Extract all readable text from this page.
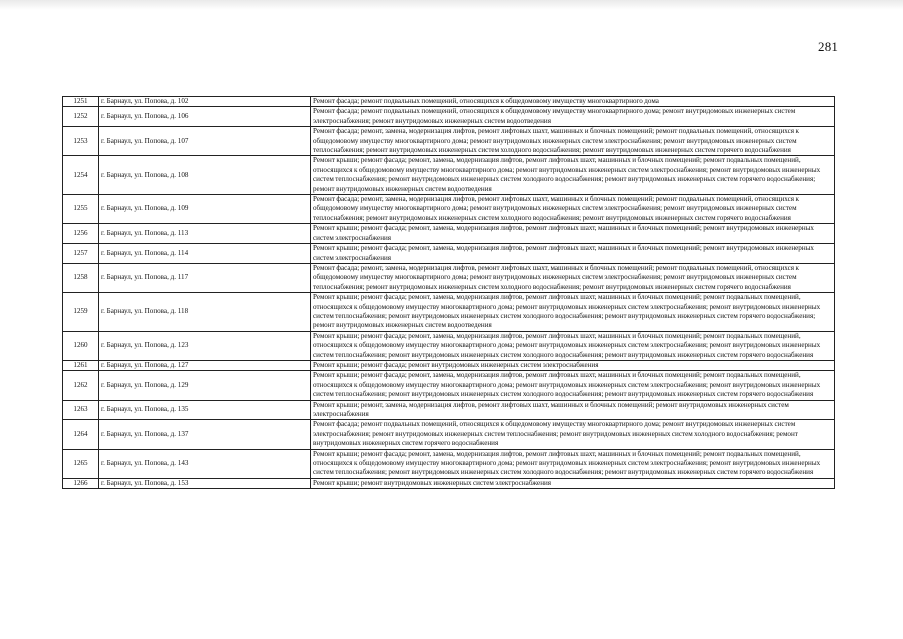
281
1251	г. Барнаул, ул. Попова, д. 102	Ремонт фасада; ремонт подвальных помещений, относящихся к общедомовому имуществу многоквартирного дома
1252	г. Барнаул, ул. Попова, д. 106	Ремонт фасада; ремонт подвальных помещений, относящихся к общедомовому имуществу многоквартирного дома; ремонт внутридомовых инженерных систем электроснабжения; ремонт внутридомовых инженерных систем водоотведения
1253	г. Барнаул, ул. Попова, д. 107	Ремонт фасада; ремонт, замена, модернизация лифтов, ремонт лифтовых шахт, машинных и блочных помещений; ремонт подвальных помещений, относящихся к общедомовому имуществу многоквартирного дома; ремонт внутридомовых инженерных систем электроснабжения; ремонт внутридомовых инженерных систем теплоснабжения; ремонт внутридомовых инженерных систем холодного водоснабжения; ремонт внутридомовых инженерных систем горячего водоснабжения
1254	г. Барнаул, ул. Попова, д. 108	Ремонт крыши; ремонт фасада; ремонт, замена, модернизация лифтов, ремонт лифтовых шахт, машинных и блочных помещений; ремонт подвальных помещений, относящихся к общедомовому имуществу многоквартирного дома; ремонт внутридомовых инженерных систем электроснабжения; ремонт внутридомовых инженерных систем теплоснабжения; ремонт внутридомовых инженерных систем холодного водоснабжения; ремонт внутридомовых инженерных систем горячего водоснабжения; ремонт внутридомовых инженерных систем водоотведения
1255	г. Барнаул, ул. Попова, д. 109	Ремонт фасада; ремонт, замена, модернизация лифтов, ремонт лифтовых шахт, машинных и блочных помещений; ремонт подвальных помещений, относящихся к общедомовому имуществу многоквартирного дома; ремонт внутридомовых инженерных систем электроснабжения; ремонт внутридомовых инженерных систем теплоснабжения; ремонт внутридомовых инженерных систем холодного водоснабжения; ремонт внутридомовых инженерных систем горячего водоснабжения
1256	г. Барнаул, ул. Попова, д. 113	Ремонт крыши; ремонт фасада; ремонт, замена, модернизация лифтов, ремонт лифтовых шахт, машинных и блочных помещений; ремонт внутридомовых инженерных систем электроснабжения
1257	г. Барнаул, ул. Попова, д. 114	Ремонт крыши; ремонт фасада; ремонт, замена, модернизация лифтов, ремонт лифтовых шахт, машинных и блочных помещений; ремонт внутридомовых инженерных систем электроснабжения
1258	г. Барнаул, ул. Попова, д. 117	Ремонт фасада; ремонт, замена, модернизация лифтов, ремонт лифтовых шахт, машинных и блочных помещений; ремонт подвальных помещений, относящихся к общедомовому имуществу многоквартирного дома; ремонт внутридомовых инженерных систем электроснабжения; ремонт внутридомовых инженерных систем теплоснабжения; ремонт внутридомовых инженерных систем холодного водоснабжения; ремонт внутридомовых инженерных систем горячего водоснабжения
1259	г. Барнаул, ул. Попова, д. 118	Ремонт крыши; ремонт фасада; ремонт, замена, модернизация лифтов, ремонт лифтовых шахт, машинных и блочных помещений; ремонт подвальных помещений, относящихся к общедомовому имуществу многоквартирного дома; ремонт внутридомовых инженерных систем электроснабжения; ремонт внутридомовых инженерных систем теплоснабжения; ремонт внутридомовых инженерных систем холодного водоснабжения; ремонт внутридомовых инженерных систем горячего водоснабжения; ремонт внутридомовых инженерных систем водоотведения
1260	г. Барнаул, ул. Попова, д. 123	Ремонт крыши; ремонт фасада; ремонт, замена, модернизация лифтов, ремонт лифтовых шахт, машинных и блочных помещений; ремонт подвальных помещений, относящихся к общедомовому имуществу многоквартирного дома; ремонт внутридомовых инженерных систем электроснабжения; ремонт внутридомовых инженерных систем теплоснабжения; ремонт внутридомовых инженерных систем холодного водоснабжения; ремонт внутридомовых инженерных систем горячего водоснабжения
1261	г. Барнаул, ул. Попова, д. 127	Ремонт крыши; ремонт фасада; ремонт внутридомовых инженерных систем электроснабжения
1262	г. Барнаул, ул. Попова, д. 129	Ремонт крыши; ремонт фасада; ремонт, замена, модернизация лифтов, ремонт лифтовых шахт, машинных и блочных помещений; ремонт подвальных помещений, относящихся к общедомовому имуществу многоквартирного дома; ремонт внутридомовых инженерных систем электроснабжения; ремонт внутридомовых инженерных систем теплоснабжения; ремонт внутридомовых инженерных систем холодного водоснабжения; ремонт внутридомовых инженерных систем горячего водоснабжения
1263	г. Барнаул, ул. Попова, д. 135	Ремонт крыши; ремонт, замена, модернизация лифтов, ремонт лифтовых шахт, машинных и блочных помещений; ремонт внутридомовых инженерных систем электроснабжения
1264	г. Барнаул, ул. Попова, д. 137	Ремонт фасада; ремонт подвальных помещений, относящихся к общедомовому имуществу многоквартирного дома; ремонт внутридомовых инженерных систем электроснабжения; ремонт внутридомовых инженерных систем теплоснабжения; ремонт внутридомовых инженерных систем холодного водоснабжения; ремонт внутридомовых инженерных систем горячего водоснабжения
1265	г. Барнаул, ул. Попова, д. 143	Ремонт крыши; ремонт фасада; ремонт, замена, модернизация лифтов, ремонт лифтовых шахт, машинных и блочных помещений; ремонт подвальных помещений, относящихся к общедомовому имуществу многоквартирного дома; ремонт внутридомовых инженерных систем электроснабжения; ремонт внутридомовых инженерных систем теплоснабжения; ремонт внутридомовых инженерных систем холодного водоснабжения; ремонт внутридомовых инженерных систем горячего водоснабжения
1266	г. Барнаул, ул. Попова, д. 153	Ремонт крыши; ремонт внутридомовых инженерных систем электроснабжения
